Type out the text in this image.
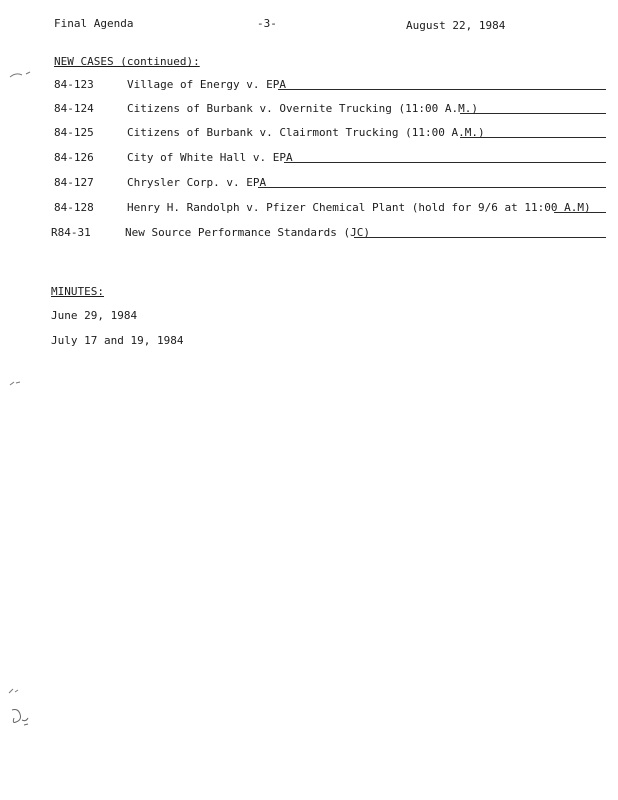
Final Agenda	-3-	August 22, 1984
NEW CASES (continued):
84-123	Village of Energy v. EPA
84-124	Citizens of Burbank v. Overnite Trucking (11:00 A.M.)
84-125	Citizens of Burbank v. Clairmont Trucking (11:00 A.M.)
84-126	City of White Hall v. EPA
84-127	Chrysler Corp. v. EPA
84-128	Henry H. Randolph v. Pfizer Chemical Plant (hold for 9/6 at 11:00 A.M)
R84-31	New Source Performance Standards (JC)
MINUTES:
June 29, 1984
July 17 and 19, 1984
